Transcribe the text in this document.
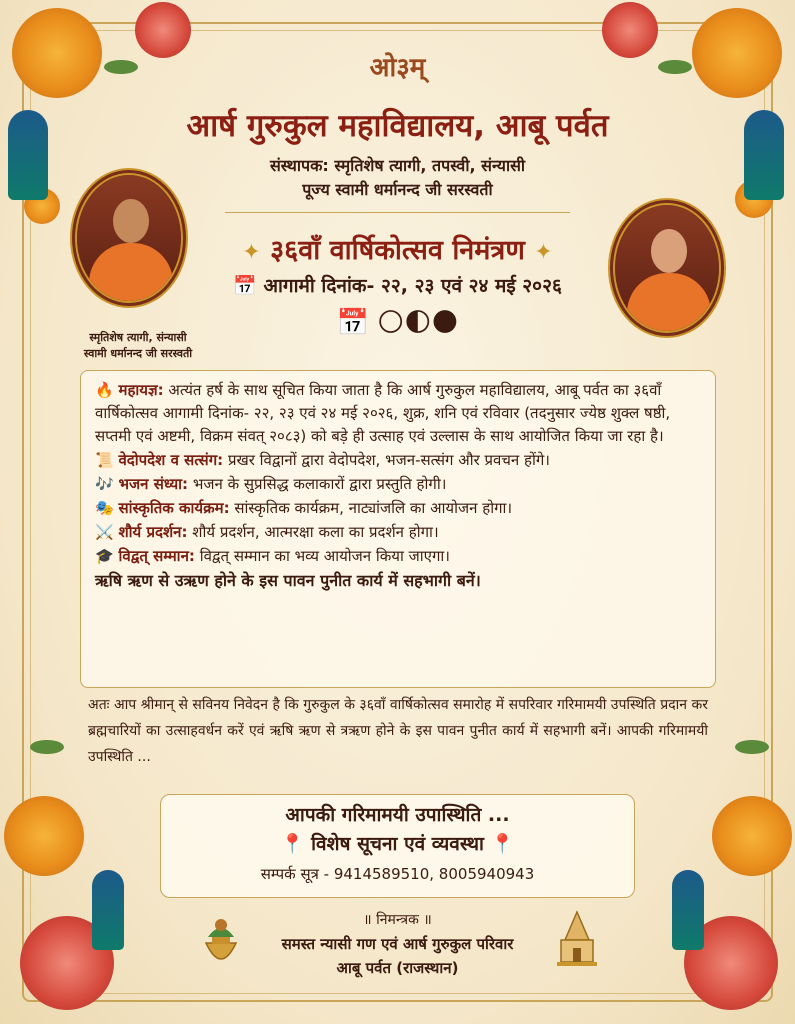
ओ३म्
आर्ष गुरुकुल महाविद्यालय, आबू पर्वत
संस्थापक: स्मृतिशेष त्यागी, तपस्वी, संन्यासी
पूज्य स्वामी धर्मानन्द जी सरस्वती
✦ ३६वाँ वार्षिकोत्सव निमंत्रण ✦
📅 आगामी दिनांक- २२, २३ एवं २४ मई २०२६
📅 🌕🌓🌑
स्मृतिशेष त्यागी, संन्यासी
स्वामी धर्मानन्द जी सरस्वती

🔥 महायज्ञ: अत्यंत हर्ष के साथ सूचित किया जाता है कि आर्ष गुरुकुल महाविद्यालय, आबू पर्वत का ३६वाँ वार्षिकोत्सव आगामी दिनांक- २२, २३ एवं २४ मई २०२६, शुक्र, शनि एवं रविवार (तदनुसार ज्येष्ठ शुक्ल षष्ठी, सप्तमी एवं अष्टमी, विक्रम संवत् २०८३) को बड़े ही उत्साह एवं उल्लास के साथ आयोजित किया जा रहा है।

📜 वेदोपदेश व सत्संग: प्रखर विद्वानों द्वारा वेदोपदेश, भजन-सत्संग और प्रवचन होंगे।
🎶 भजन संध्या: भजन के सुप्रसिद्ध कलाकारों द्वारा प्रस्तुति होगी।
🎭 सांस्कृतिक कार्यक्रम: सांस्कृतिक कार्यक्रम, नाट्यांजलि का आयोजन होगा।
⚔️ शौर्य प्रदर्शन: शौर्य प्रदर्शन, आत्मरक्षा कला का प्रदर्शन होगा।
🎓 विद्वत् सम्मान: विद्वत् सम्मान का भव्य आयोजन किया जाएगा।
ऋषि ऋण से उऋण होने के इस पावन पुनीत कार्य में सहभागी बनें।
अतः आप श्रीमान् से सविनय निवेदन है कि गुरुकुल के ३६वाँ वार्षिकोत्सव समारोह में सपरिवार गरिमामयी उपस्थिति प्रदान कर ब्रह्मचारियों का उत्साहवर्धन करें एवं ऋषि ऋण से त्रऋण होने के इस पावन पुनीत कार्य में सहभागी बनें। आपकी गरिमामयी उपस्थिति ...
आपकी गरिमामयी उपास्थिति ...
📍 विशेष सूचना एवं व्यवस्था 📍
सम्पर्क सूत्र - 9414589510, 8005940943
॥ निमन्त्रक ॥
समस्त न्यासी गण एवं आर्ष गुरुकुल परिवार
आबू पर्वत (राजस्थान)
